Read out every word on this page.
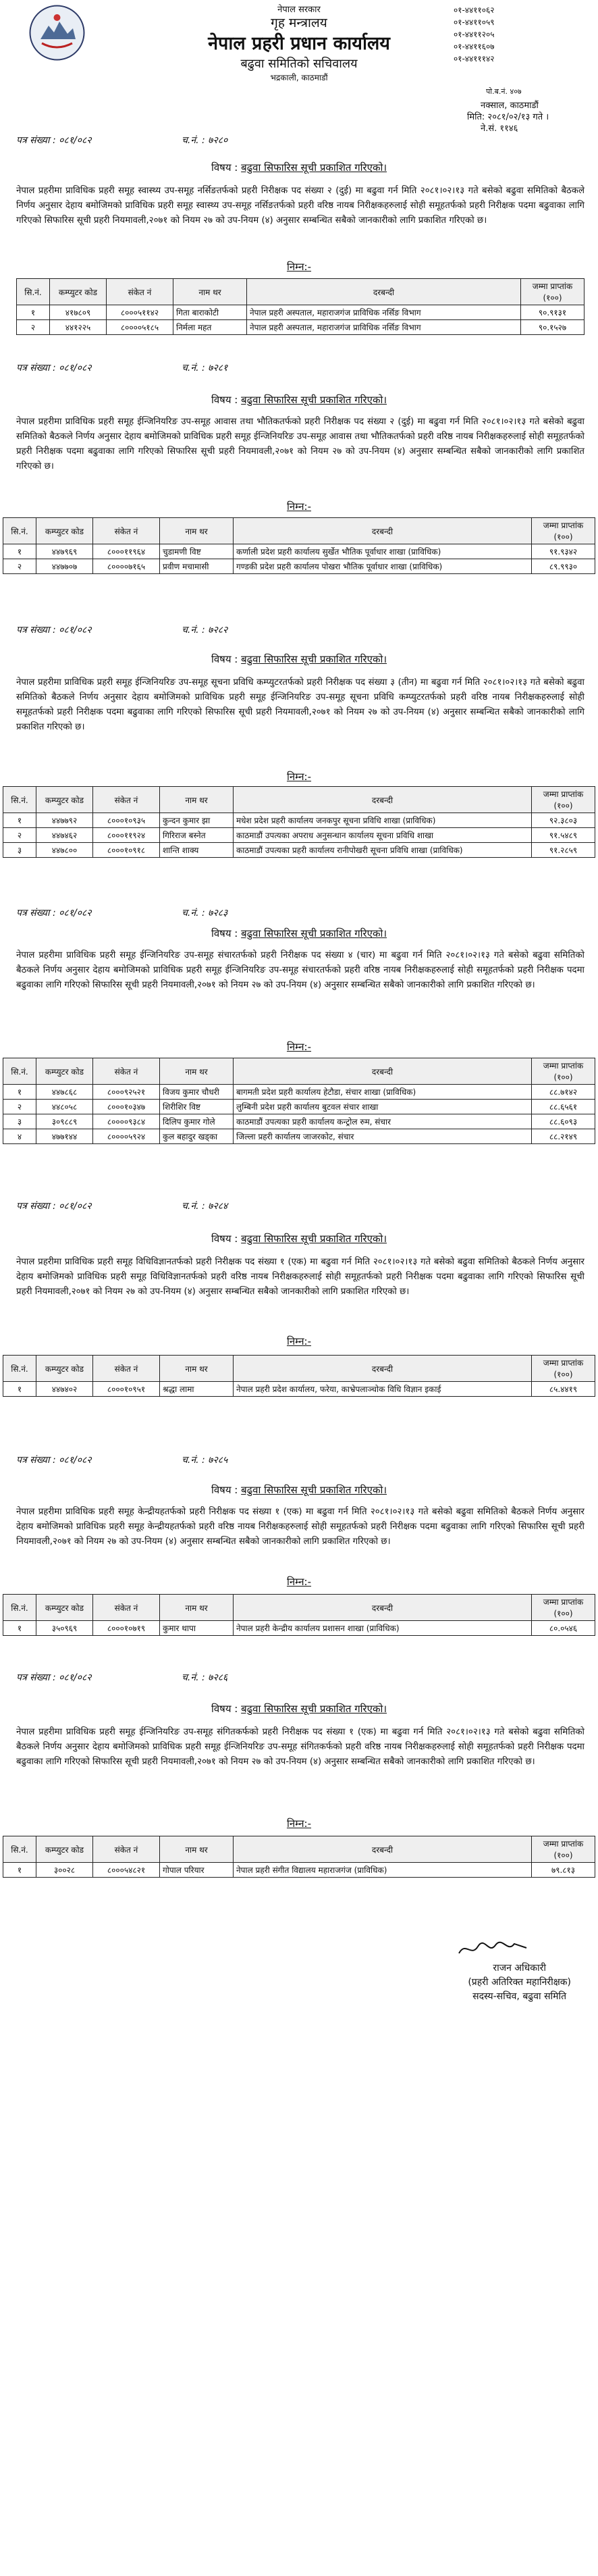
नेपाल सरकार
गृह मन्त्रालय
नेपाल प्रहरी प्रधान कार्यालय
बढुवा समितिको सचिवालय
भद्रकाली, काठमाडौं
०१-४४११०६२
०१-४४११०५९
०१-४४११२०५
०१-४४११६०७
०१-४४१११४२
पो.ब.नं. ४०७
नक्साल, काठमाडौं
मिति: २०८१/०२/१३ गते ।
ने.सं. ११४६
पत्र संख्या : ०८१/०८२	च.नं. : ७२८०
विषय : बढुवा सिफारिस सूची प्रकाशित गरिएको।
नेपाल प्रहरीमा प्राविधिक प्रहरी समूह स्वास्थ्य उप-समूह नर्सिङतर्फको प्रहरी निरीक्षक पद संख्या २ (दुई) मा बढुवा गर्न मिति २०८१।०२।१३ गते बसेको बढुवा समितिको बैठकले निर्णय अनुसार देहाय बमोजिमको प्राविधिक प्रहरी समूह स्वास्थ्य उप-समूह नर्सिङतर्फको प्रहरी वरिष्ठ नायब निरीक्षकहरुलाई सोही समूहतर्फको प्रहरी निरीक्षक पदमा बढुवाका लागि गरिएको सिफारिस सूची प्रहरी नियमावली,२०७१ को नियम २७ को उप-नियम (४) अनुसार सम्बन्धित सबैको जानकारीको लागि प्रकाशित गरिएको छ।
निम्न:-
सि.नं.	कम्प्युटर कोड	संकेत नं	नाम थर	दरबन्दी	जम्मा प्राप्तांक (१००)
१	४१७८०९	८०००५११४२	गिता बाराकोटी	नेपाल प्रहरी अस्पताल, महाराजगंज प्राविधिक नर्सिङ विभाग	९०.९१३१
२	४४१२२५	८००००५१८५	निर्मला महत	नेपाल प्रहरी अस्पताल, महाराजगंज प्राविधिक नर्सिङ विभाग	९०.१५२७
पत्र संख्या : ०८१/०८२	च.नं. : ७२८१
विषय : बढुवा सिफारिस सूची प्रकाशित गरिएको।
नेपाल प्रहरीमा प्राविधिक प्रहरी समूह ईन्जिनियरिङ उप-समूह आवास तथा भौतिकतर्फको प्रहरी निरीक्षक पद संख्या २ (दुई) मा बढुवा गर्न मिति २०८१।०२।१३ गते बसेको बढुवा समितिको बैठकले निर्णय अनुसार देहाय बमोजिमको प्राविधिक प्रहरी समूह ईन्जिनियरिङ उप-समूह आवास तथा भौतिकतर्फको प्रहरी वरिष्ठ नायब निरीक्षकहरुलाई सोही समूहतर्फको प्रहरी निरीक्षक पदमा बढुवाका लागि गरिएको सिफारिस सूची प्रहरी नियमावली,२०७१ को नियम २७ को उप-नियम (४) अनुसार सम्बन्धित सबैको जानकारीको लागि प्रकाशित गरिएको छ।
निम्न:-
सि.नं.	कम्प्युटर कोड	संकेत नं	नाम थर	दरबन्दी	जम्मा प्राप्तांक (१००)
१	४४७९६९	८०००११९६४	चुडामणी विष्ट	कर्णाली प्रदेश प्रहरी कार्यालय सुर्खेत भौतिक पूर्वाधार शाखा (प्राविधिक)	९१.९३४२
२	४४७७०७	८००००७१६५	प्रवीण मचामासी	गण्डकी प्रदेश प्रहरी कार्यालय पोखरा भौतिक पूर्वाधार शाखा (प्राविधिक)	८९.९९३०
पत्र संख्या : ०८१/०८२	च.नं. : ७२८२
विषय : बढुवा सिफारिस सूची प्रकाशित गरिएको।
नेपाल प्रहरीमा प्राविधिक प्रहरी समूह ईन्जिनियरिङ उप-समूह सूचना प्रविधि कम्प्युटरतर्फको प्रहरी निरीक्षक पद संख्या ३ (तीन) मा बढुवा गर्न मिति २०८१।०२।१३ गते बसेको बढुवा समितिको बैठकले निर्णय अनुसार देहाय बमोजिमको प्राविधिक प्रहरी समूह ईन्जिनियरिङ उप-समूह सूचना प्रविधि कम्प्युटरतर्फको प्रहरी वरिष्ठ नायब निरीक्षकहरुलाई सोही समूहतर्फको प्रहरी निरीक्षक पदमा बढुवाका लागि गरिएको सिफारिस सूची प्रहरी नियमावली,२०७१ को नियम २७ को उप-नियम (४) अनुसार सम्बन्धित सबैको जानकारीको लागि प्रकाशित गरिएको छ।
निम्न:-
सि.नं.	कम्प्युटर कोड	संकेत नं	नाम थर	दरबन्दी	जम्मा प्राप्तांक (१००)
१	४४७७९२	८०००१०९३५	कुन्दन कुमार झा	मधेश प्रदेश प्रहरी कार्यालय जनकपुर सूचना प्रविधि शाखा (प्राविधिक)	९२.३८०३
२	४४७४६२	८०००११९२४	गिरिराज बस्नेत	काठमाडौं उपत्यका अपराध अनुसन्धान कार्यालय सूचना प्रविधि शाखा	९१.५४८९
३	४४७८००	८०००१०९१८	शान्ति शाक्य	काठमाडौं उपत्यका प्रहरी कार्यालय रानीपोखरी सूचना प्रविधि शाखा (प्राविधिक)	९१.२८५९
पत्र संख्या : ०८१/०८२	च.नं. : ७२८३
विषय : बढुवा सिफारिस सूची प्रकाशित गरिएको।
नेपाल प्रहरीमा प्राविधिक प्रहरी समूह ईन्जिनियरिङ उप-समूह संचारतर्फको प्रहरी निरीक्षक पद संख्या ४ (चार) मा बढुवा गर्न मिति २०८१।०२।१३ गते बसेको बढुवा समितिको बैठकले निर्णय अनुसार देहाय बमोजिमको प्राविधिक प्रहरी समूह ईन्जिनियरिङ उप-समूह संचारतर्फको प्रहरी वरिष्ठ नायब निरीक्षकहरुलाई सोही समूहतर्फको प्रहरी निरीक्षक पदमा बढुवाका लागि गरिएको सिफारिस सूची प्रहरी नियमावली,२०७१ को नियम २७ को उप-नियम (४) अनुसार सम्बन्धित सबैको जानकारीको लागि प्रकाशित गरिएको छ।
निम्न:-
सि.नं.	कम्प्युटर कोड	संकेत नं	नाम थर	दरबन्दी	जम्मा प्राप्तांक (१००)
१	४४७८६८	८०००९२५२१	विजय कुमार चौधरी	बागमती प्रदेश प्रहरी कार्यालय हेटौडा, संचार शाखा (प्राविधिक)	८८.७१४२
२	४४८०५८	८०००१०३४७	शिरीशिर विष्ट	लुम्बिनी प्रदेश प्रहरी कार्यालय बुटवल संचार शाखा	८८.६५६१
३	३०९८८९	८००००९३८४	दिलिप कुमार गोले	काठमाडौं उपत्यका प्रहरी कार्यालय कन्ट्रोल रुम, संचार	८८.६०९३
४	४७७१४४	८००००५९२४	कुल बहादुर खड्का	जिल्ला प्रहरी कार्यालय जाजरकोट, संचार	८८.२१४९
पत्र संख्या : ०८१/०८२	च.नं. : ७२८४
विषय : बढुवा सिफारिस सूची प्रकाशित गरिएको।
नेपाल प्रहरीमा प्राविधिक प्रहरी समूह विधिविज्ञानतर्फको प्रहरी निरीक्षक पद संख्या १ (एक) मा बढुवा गर्न मिति २०८१।०२।१३ गते बसेको बढुवा समितिको बैठकले निर्णय अनुसार देहाय बमोजिमको प्राविधिक प्रहरी समूह विधिविज्ञानतर्फको प्रहरी वरिष्ठ नायब निरीक्षकहरुलाई सोही समूहतर्फको प्रहरी निरीक्षक पदमा बढुवाका लागि गरिएको सिफारिस सूची प्रहरी नियमावली,२०७१ को नियम २७ को उप-नियम (४) अनुसार सम्बन्धित सबैको जानकारीको लागि प्रकाशित गरिएको छ।
निम्न:-
सि.नं.	कम्प्युटर कोड	संकेत नं	नाम थर	दरबन्दी	जम्मा प्राप्तांक (१००)
१	४४७४०२	८०००१०९५१	श्रद्धा लामा	नेपाल प्रहरी प्रदेश कार्यालय, फरेया, काभ्रेपलाञ्चोक विधि विज्ञान इकाई	८५.४४१९
पत्र संख्या : ०८१/०८२	च.नं. : ७२८५
विषय : बढुवा सिफारिस सूची प्रकाशित गरिएको।
नेपाल प्रहरीमा प्राविधिक प्रहरी समूह केन्द्रीयहतर्फको प्रहरी निरीक्षक पद संख्या १ (एक) मा बढुवा गर्न मिति २०८१।०२।१३ गते बसेको बढुवा समितिको बैठकले निर्णय अनुसार देहाय बमोजिमको प्राविधिक प्रहरी समूह केन्द्रीयहतर्फको प्रहरी वरिष्ठ नायब निरीक्षकहरुलाई सोही समूहतर्फको प्रहरी निरीक्षक पदमा बढुवाका लागि गरिएको सिफारिस सूची प्रहरी नियमावली,२०७१ को नियम २७ को उप-नियम (४) अनुसार सम्बन्धित सबैको जानकारीको लागि प्रकाशित गरिएको छ।
निम्न:-
सि.नं.	कम्प्युटर कोड	संकेत नं	नाम थर	दरबन्दी	जम्मा प्राप्तांक (१००)
१	३५०९६९	८०००१०७१९	कुमार थापा	नेपाल प्रहरी केन्द्रीय कार्यालय प्रशासन शाखा (प्राविधिक)	८०.०५४६
पत्र संख्या : ०८१/०८२	च.नं. : ७२८६
विषय : बढुवा सिफारिस सूची प्रकाशित गरिएको।
नेपाल प्रहरीमा प्राविधिक प्रहरी समूह ईन्जिनियरिङ उप-समूह संगितकर्फको प्रहरी निरीक्षक पद संख्या १ (एक) मा बढुवा गर्न मिति २०८१।०२।१३ गते बसेको बढुवा समितिको बैठकले निर्णय अनुसार देहाय बमोजिमको प्राविधिक प्रहरी समूह ईन्जिनियरिङ उप-समूह संगितकर्फको प्रहरी वरिष्ठ नायब निरीक्षकहरुलाई सोही समूहतर्फको प्रहरी निरीक्षक पदमा बढुवाका लागि गरिएको सिफारिस सूची प्रहरी नियमावली,२०७१ को नियम २७ को उप-नियम (४) अनुसार सम्बन्धित सबैको जानकारीको लागि प्रकाशित गरिएको छ।
निम्न:-
सि.नं.	कम्प्युटर कोड	संकेत नं	नाम थर	दरबन्दी	जम्मा प्राप्तांक (१००)
१	३००२८	८०००५४८२१	गोपाल परियार	नेपाल प्रहरी संगीत विद्यालय महाराजगंज (प्राविधिक)	७९.८१३
राजन अधिकारी
(प्रहरी अतिरिक्त महानिरीक्षक)
सदस्य-सचिव, बढुवा समिति
